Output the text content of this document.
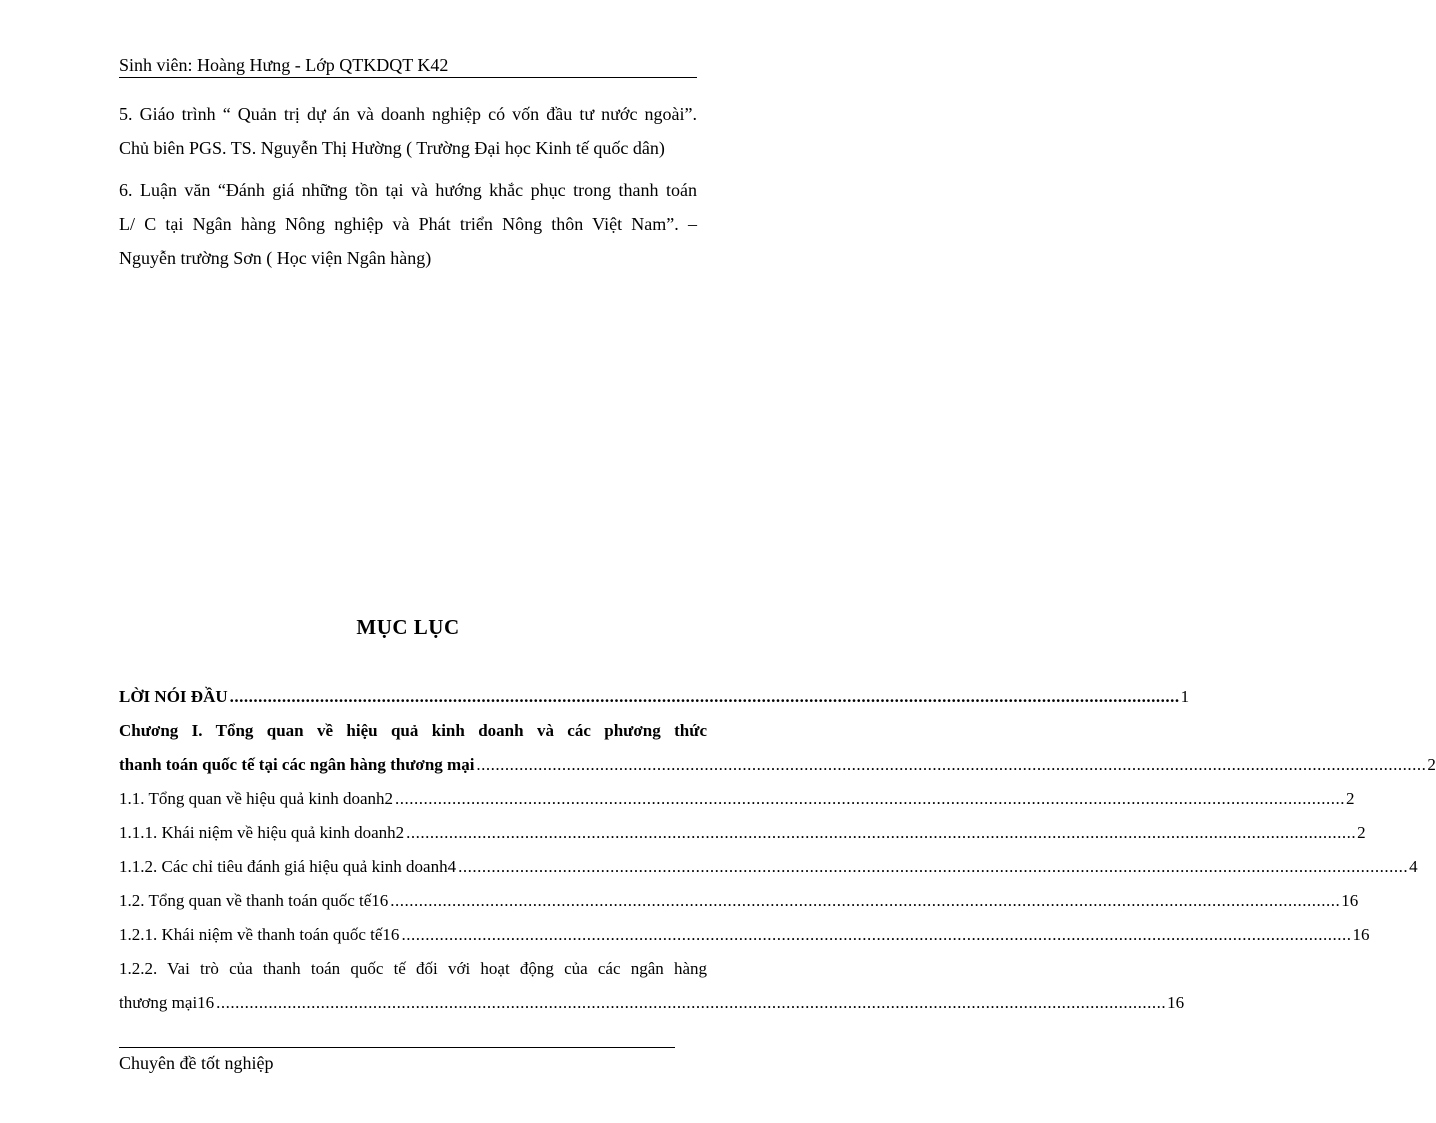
Sinh viên: Hoàng Hưng - Lớp QTKDQT K42
5. Giáo trình “ Quản trị dự án và doanh nghiệp có vốn đầu tư nước ngoài”.
Chủ biên PGS. TS. Nguyễn Thị Hường ( Trường Đại học Kinh tế quốc dân)
6. Luận văn “Đánh giá những tồn tại và hướng khắc phục trong thanh toán
L/ C tại Ngân hàng Nông nghiệp và Phát triển Nông thôn Việt Nam”. –
Nguyễn trường Sơn ( Học viện Ngân hàng)
MỤC LỤC
LỜI NÓI ĐẦU ........................................................................................................................................................................................................ 1
Chương I. Tổng quan về hiệu quả kinh doanh và các phương thức
thanh toán quốc tế tại các ngân hàng thương mại ........................................................................................................................................................................................................ 2
1.1. Tổng quan về hiệu quả kinh doanh2 ........................................................................................................................................................................................................ 2
1.1.1. Khái niệm về hiệu quả kinh doanh2 ........................................................................................................................................................................................................ 2
1.1.2. Các chỉ tiêu đánh giá hiệu quả kinh doanh4 ........................................................................................................................................................................................................ 4
1.2. Tổng quan về thanh toán quốc tế16 ........................................................................................................................................................................................................ 16
1.2.1. Khái niệm về thanh toán quốc tế16 ........................................................................................................................................................................................................ 16
1.2.2. Vai trò của thanh toán quốc tế đối với hoạt động của các ngân hàng
thương mại16 ........................................................................................................................................................................................................ 16
Chuyên đề tốt nghiệp
